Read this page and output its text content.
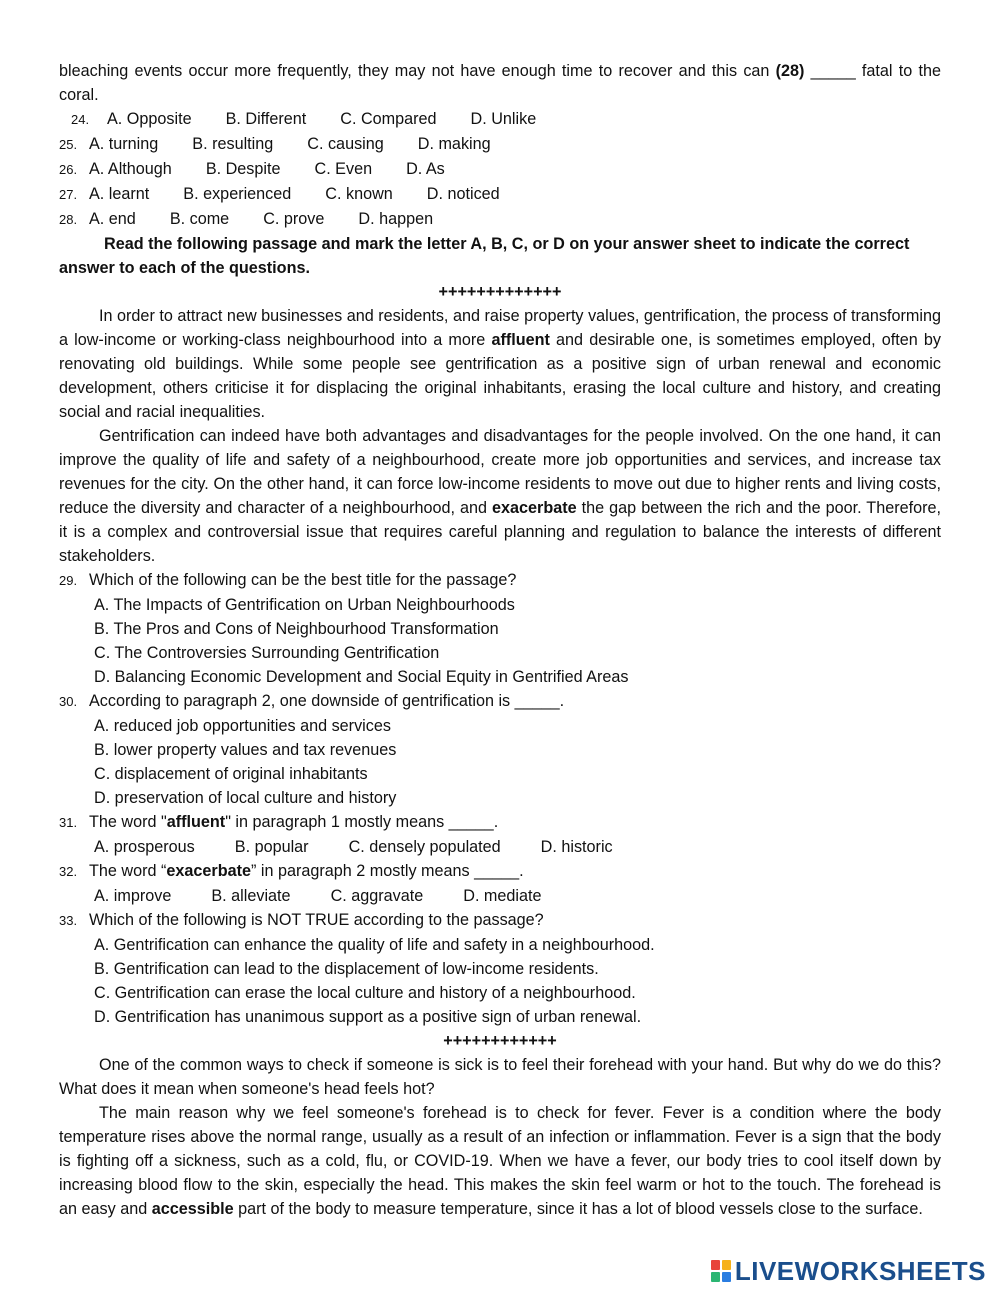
bleaching events occur more frequently, they may not have enough time to recover and this can (28) _____ fatal to the coral.

24. A. Opposite B. Different C. Compared D. Unlike

25. A. turning B. resulting C. causing D. making

26. A. Although B. Despite C. Even D. As

27. A. learnt B. experienced C. known D. noticed

28. A. end B. come C. prove D. happen

Read the following passage and mark the letter A, B, C, or D on your answer sheet to indicate the correct answer to each of the questions.

+++++++++++++

In order to attract new businesses and residents, and raise property values, gentrification, the process of transforming a low-income or working-class neighbourhood into a more affluent and desirable one, is sometimes employed, often by renovating old buildings. While some people see gentrification as a positive sign of urban renewal and economic development, others criticise it for displacing the original inhabitants, erasing the local culture and history, and creating social and racial inequalities.

Gentrification can indeed have both advantages and disadvantages for the people involved. On the one hand, it can improve the quality of life and safety of a neighbourhood, create more job opportunities and services, and increase tax revenues for the city. On the other hand, it can force low-income residents to move out due to higher rents and living costs, reduce the diversity and character of a neighbourhood, and exacerbate the gap between the rich and the poor. Therefore, it is a complex and controversial issue that requires careful planning and regulation to balance the interests of different stakeholders.

29. Which of the following can be the best title for the passage?

A. The Impacts of Gentrification on Urban Neighbourhoods

B. The Pros and Cons of Neighbourhood Transformation

C. The Controversies Surrounding Gentrification

D. Balancing Economic Development and Social Equity in Gentrified Areas

30. According to paragraph 2, one downside of gentrification is _____.

A. reduced job opportunities and services

B. lower property values and tax revenues

C. displacement of original inhabitants

D. preservation of local culture and history

31. The word "affluent" in paragraph 1 mostly means _____.

A. prosperous B. popular C. densely populated D. historic

32. The word “exacerbate” in paragraph 2 mostly means _____.

A. improve B. alleviate C. aggravate D. mediate

33. Which of the following is NOT TRUE according to the passage?

A. Gentrification can enhance the quality of life and safety in a neighbourhood.

B. Gentrification can lead to the displacement of low-income residents.

C. Gentrification can erase the local culture and history of a neighbourhood.

D. Gentrification has unanimous support as a positive sign of urban renewal.

++++++++++++

One of the common ways to check if someone is sick is to feel their forehead with your hand. But why do we do this? What does it mean when someone's head feels hot?

The main reason why we feel someone's forehead is to check for fever. Fever is a condition where the body temperature rises above the normal range, usually as a result of an infection or inflammation. Fever is a sign that the body is fighting off a sickness, such as a cold, flu, or COVID-19. When we have a fever, our body tries to cool itself down by increasing blood flow to the skin, especially the head. This makes the skin feel warm or hot to the touch. The forehead is an easy and accessible part of the body to measure temperature, since it has a lot of blood vessels close to the surface.

LIVEWORKSHEETS
